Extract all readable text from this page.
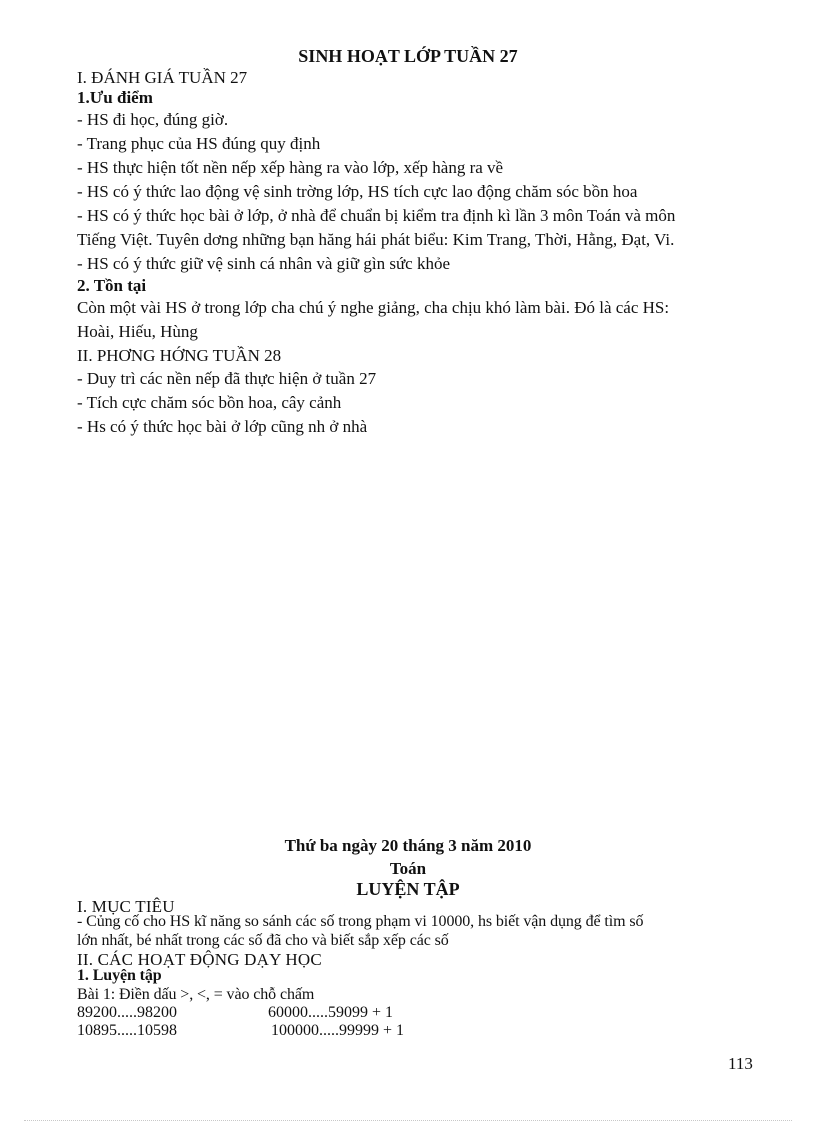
SINH HOẠT LỚP TUẦN 27
I. ĐÁNH GIÁ TUẦN 27
1.Ưu điểm
- HS đi học, đúng giờ.
- Trang phục của HS đúng quy định
- HS thực hiện tốt nền nếp xếp hàng ra vào lớp, xếp hàng ra về
- HS có ý thức lao động vệ sinh trờng lớp, HS tích cực lao động chăm sóc bồn hoa
- HS có ý thức học bài ở lớp, ở nhà để chuẩn bị kiểm tra định kì lần 3 môn Toán và môn
Tiếng Việt. Tuyên dơng những bạn hăng hái phát biểu: Kim Trang, Thời, Hằng, Đạt, Vi.
- HS có ý thức giữ vệ sinh cá nhân và giữ gìn sức khỏe
2. Tồn tại
Còn một vài HS ở trong lớp cha chú ý nghe giảng, cha chịu khó làm bài. Đó là các HS:
Hoài, Hiếu, Hùng
II. PHƠNG HỚNG TUẦN 28
- Duy trì các nền nếp đã thực hiện ở tuần 27
- Tích cực chăm sóc bồn hoa, cây cảnh
- Hs có ý thức học bài ở lớp cũng nh ở nhà
Thứ ba ngày 20 tháng 3 năm 2010
Toán
LUYỆN TẬP
I. MỤC TIÊU
- Củng cố cho HS kĩ năng so sánh các số trong phạm vi 10000, hs biết vận dụng để tìm số
lớn nhất, bé nhất trong các số đã cho và biết sắp xếp các số
II. CÁC HOẠT ĐỘNG DẠY HỌC
1. Luyện tập
Bài 1: Điền dấu >, <, = vào chỗ chấm
89200.....98200	60000.....59099 + 1
10895.....10598	100000.....99999 + 1
113
